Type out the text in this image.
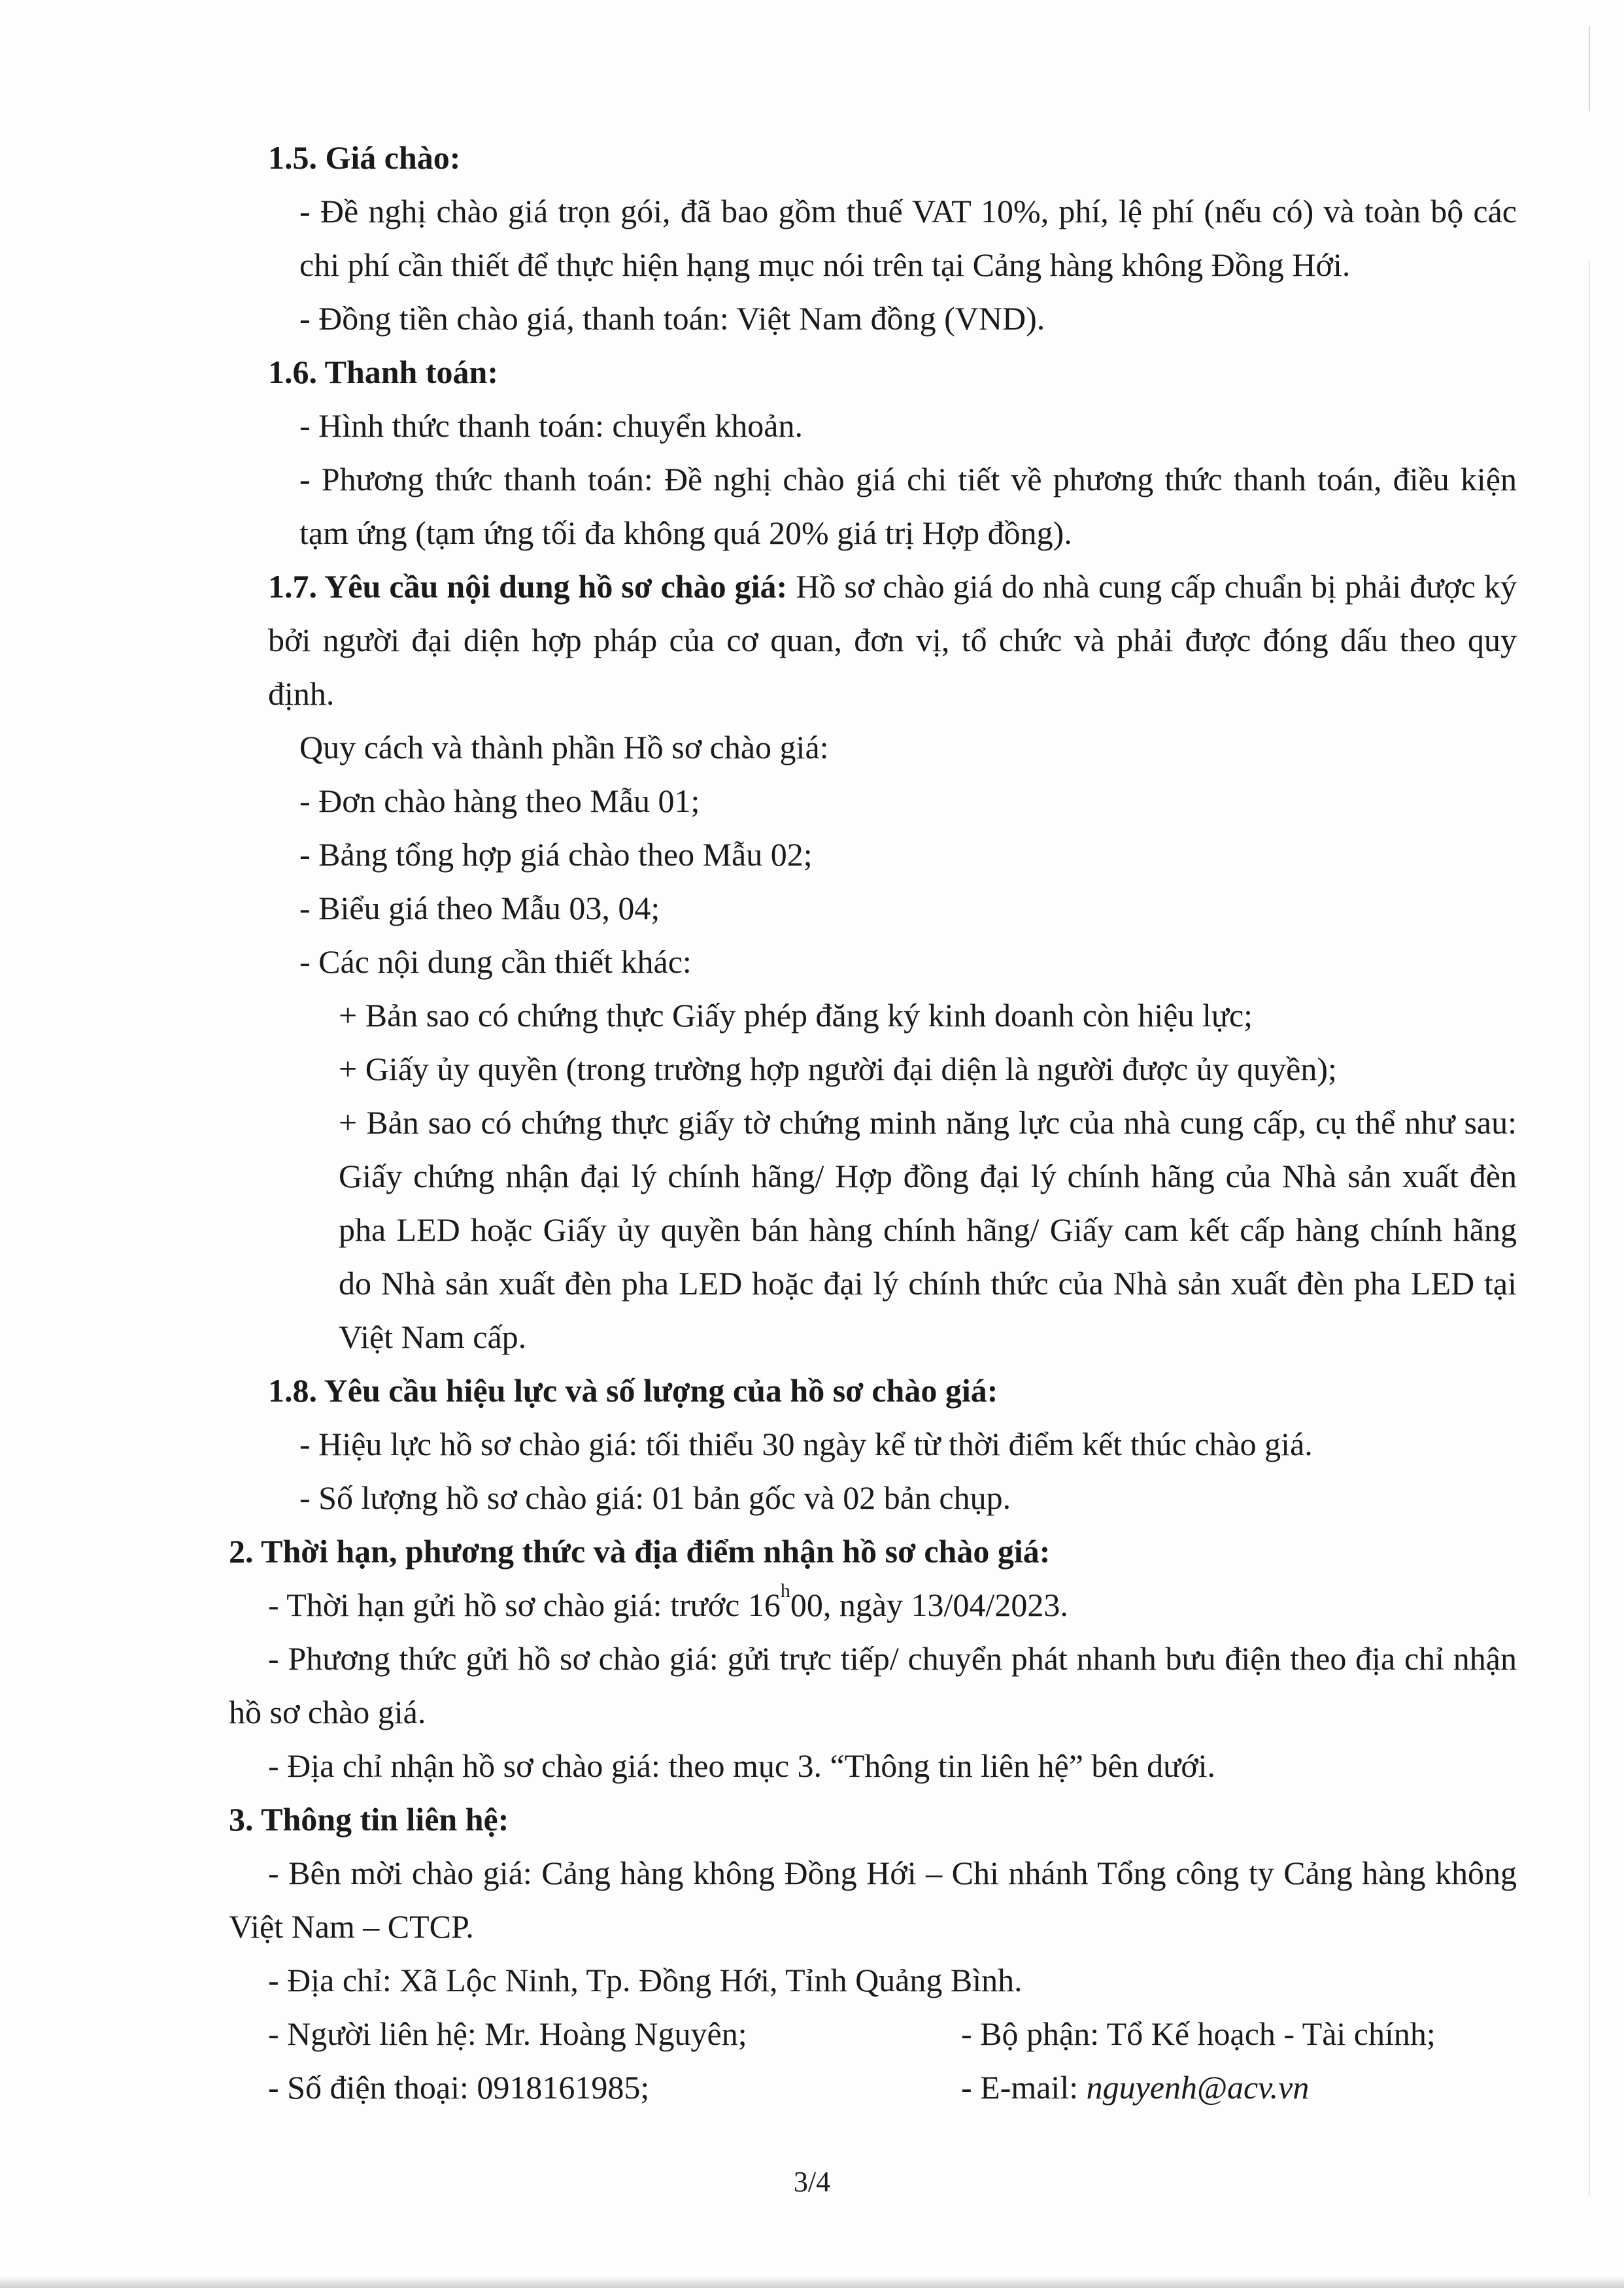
1.5. Giá chào:

- Đề nghị chào giá trọn gói, đã bao gồm thuế VAT 10%, phí, lệ phí (nếu có) và toàn bộ các chi phí cần thiết để thực hiện hạng mục nói trên tại Cảng hàng không Đồng Hới.

- Đồng tiền chào giá, thanh toán: Việt Nam đồng (VND).

1.6. Thanh toán:

- Hình thức thanh toán: chuyển khoản.

- Phương thức thanh toán: Đề nghị chào giá chi tiết về phương thức thanh toán, điều kiện tạm ứng (tạm ứng tối đa không quá 20% giá trị Hợp đồng).

1.7. Yêu cầu nội dung hồ sơ chào giá: Hồ sơ chào giá do nhà cung cấp chuẩn bị phải được ký bởi người đại diện hợp pháp của cơ quan, đơn vị, tổ chức và phải được đóng dấu theo quy định.

Quy cách và thành phần Hồ sơ chào giá:

- Đơn chào hàng theo Mẫu 01;

- Bảng tổng hợp giá chào theo Mẫu 02;

- Biểu giá theo Mẫu 03, 04;

- Các nội dung cần thiết khác:

+ Bản sao có chứng thực Giấy phép đăng ký kinh doanh còn hiệu lực;

+ Giấy ủy quyền (trong trường hợp người đại diện là người được ủy quyền);

+ Bản sao có chứng thực giấy tờ chứng minh năng lực của nhà cung cấp, cụ thể như sau: Giấy chứng nhận đại lý chính hãng/ Hợp đồng đại lý chính hãng của Nhà sản xuất đèn pha LED hoặc Giấy ủy quyền bán hàng chính hãng/ Giấy cam kết cấp hàng chính hãng do Nhà sản xuất đèn pha LED hoặc đại lý chính thức của Nhà sản xuất đèn pha LED tại Việt Nam cấp.

1.8. Yêu cầu hiệu lực và số lượng của hồ sơ chào giá:

- Hiệu lực hồ sơ chào giá: tối thiểu 30 ngày kể từ thời điểm kết thúc chào giá.

- Số lượng hồ sơ chào giá: 01 bản gốc và 02 bản chụp.

2. Thời hạn, phương thức và địa điểm nhận hồ sơ chào giá:

- Thời hạn gửi hồ sơ chào giá: trước 16$^h$00, ngày 13/04/2023.

- Phương thức gửi hồ sơ chào giá: gửi trực tiếp/ chuyển phát nhanh bưu điện theo địa chỉ nhận hồ sơ chào giá.

- Địa chỉ nhận hồ sơ chào giá: theo mục 3. “Thông tin liên hệ” bên dưới.

3. Thông tin liên hệ:

- Bên mời chào giá: Cảng hàng không Đồng Hới – Chi nhánh Tổng công ty Cảng hàng không Việt Nam – CTCP.

- Địa chỉ: Xã Lộc Ninh, Tp. Đồng Hới, Tỉnh Quảng Bình.

- Người liên hệ: Mr. Hoàng Nguyên;	- Bộ phận: Tổ Kế hoạch - Tài chính;
- Số điện thoại: 0918161985;	- E-mail: nguyenh@acv.vn
3/4
